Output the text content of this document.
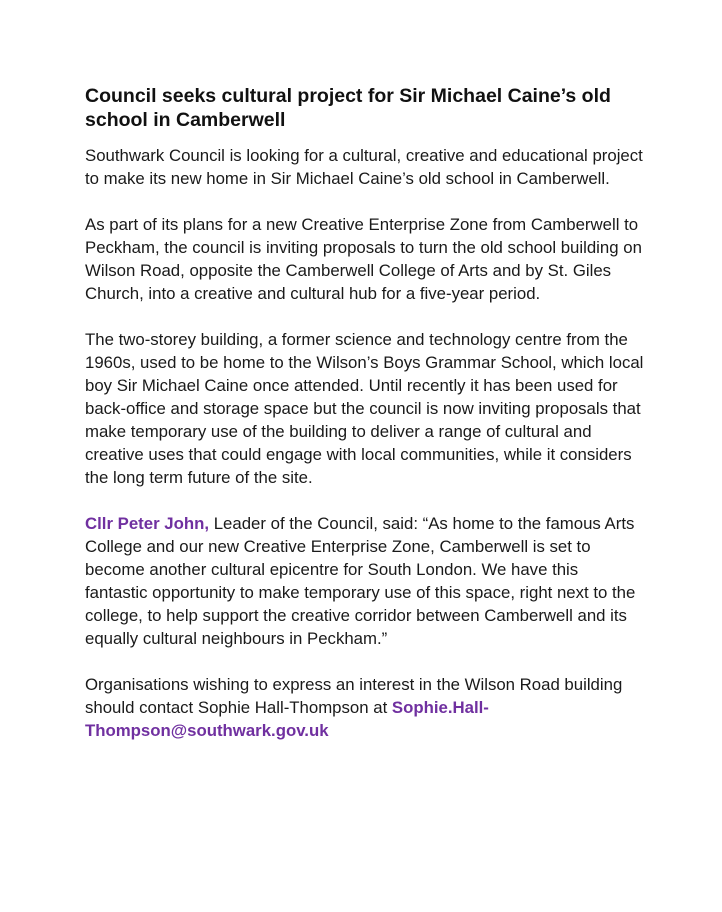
Council seeks cultural project for Sir Michael Caine’s old school in Camberwell

Southwark Council is looking for a cultural, creative and educational project to make its new home in Sir Michael Caine’s old school in Camberwell.

As part of its plans for a new Creative Enterprise Zone from Camberwell to Peckham, the council is inviting proposals to turn the old school building on Wilson Road, opposite the Camberwell College of Arts and by St. Giles Church, into a creative and cultural hub for a five-year period.

The two-storey building, a former science and technology centre from the 1960s, used to be home to the Wilson’s Boys Grammar School, which local boy Sir Michael Caine once attended. Until recently it has been used for back-office and storage space but the council is now inviting proposals that make temporary use of the building to deliver a range of cultural and creative uses that could engage with local communities, while it considers the long term future of the site.

Cllr Peter John, Leader of the Council, said: “As home to the famous Arts College and our new Creative Enterprise Zone, Camberwell is set to become another cultural epicentre for South London. We have this fantastic opportunity to make temporary use of this space, right next to the college, to help support the creative corridor between Camberwell and its equally cultural neighbours in Peckham.”

Organisations wishing to express an interest in the Wilson Road building should contact Sophie Hall-Thompson at Sophie.Hall-Thompson@southwark.gov.uk
